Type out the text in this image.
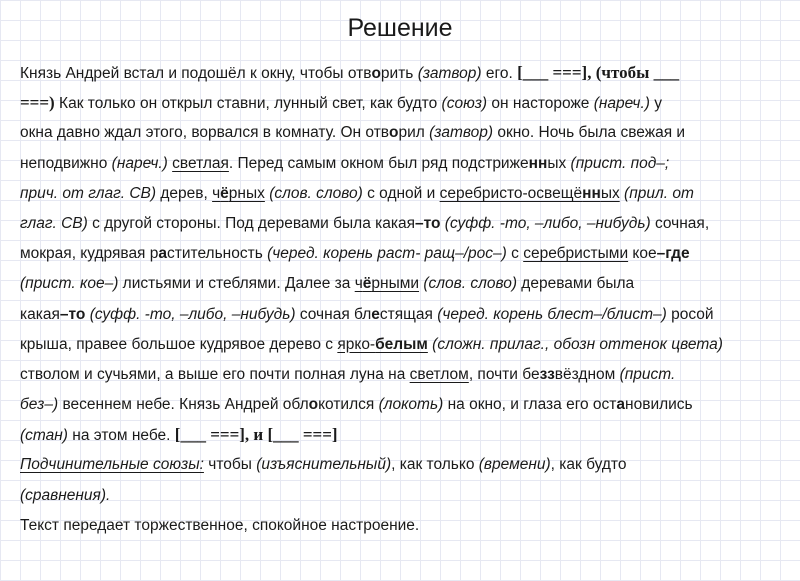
Решение
Князь Андрей встал и подошёл к окну, чтобы отворить (затвор) его. [___ ===], (чтобы ___
===) Как только он открыл ставни, лунный свет, как будто (союз) он настороже (нареч.) у
окна давно ждал этого, ворвался в комнату. Он отворил (затвор) окно. Ночь была свежая и
неподвижно (нареч.) светлая. Перед самым окном был ряд подстриженных (прист. под–;
прич. от глаг. СВ) дерев, чёрных (слов. слово) с одной и серебристо-освещённых (прил. от
глаг. СВ) с другой стороны. Под деревами была какая–то (суфф. -то, –либо, –нибудь) сочная,
мокрая, кудрявая растительность (черед. корень раст- ращ–/рос–) с серебристыми кое–где
(прист. кое–) листьями и стеблями. Далее за чёрными (слов. слово) деревами была
какая–то (суфф. -то, –либо, –нибудь) сочная блестящая (черед. корень блест–/блист–) росой
крыша, правее большое кудрявое дерево с ярко-белым (сложн. прилаг., обозн оттенок цвета)
стволом и сучьями, а выше его почти полная луна на светлом, почти беззвёздном (прист.
без–) весеннем небе. Князь Андрей облокотился (локоть) на окно, и глаза его остановились
(стан) на этом небе. [___ ===], и [___ ===]
Подчинительные союзы: чтобы (изъяснительный), как только (времени), как будто
(сравнения).
Текст передает торжественное, спокойное настроение.
